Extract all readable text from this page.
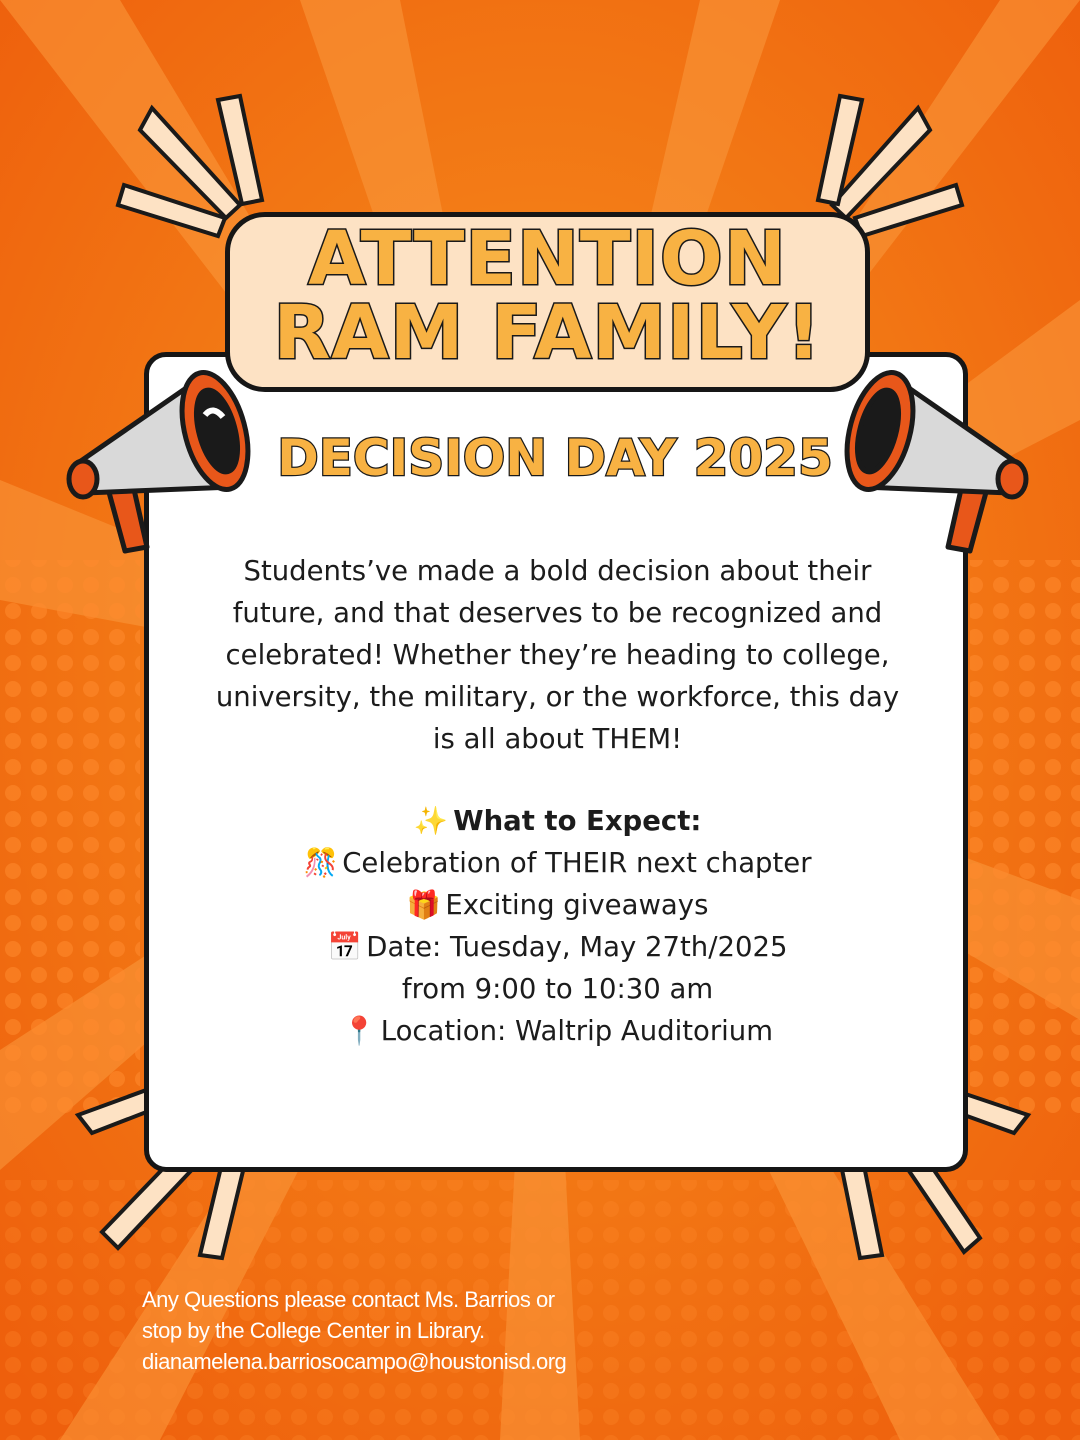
ATTENTION
RAM FAMILY!
DECISION DAY 2025
Students’ve made a bold decision about their
future, and that deserves to be recognized and
celebrated! Whether they’re heading to college,
university, the military, or the workforce, this day
is all about THEM!
✨ What to Expect:
🎊 Celebration of THEIR next chapter
🎁 Exciting giveaways
📅 Date: Tuesday, May 27th/2025
from 9:00 to 10:30 am
📍 Location: Waltrip Auditorium
Any Questions please contact Ms. Barrios or
stop by the College Center in Library.
dianamelena.barriosocampo@houstonisd.org
